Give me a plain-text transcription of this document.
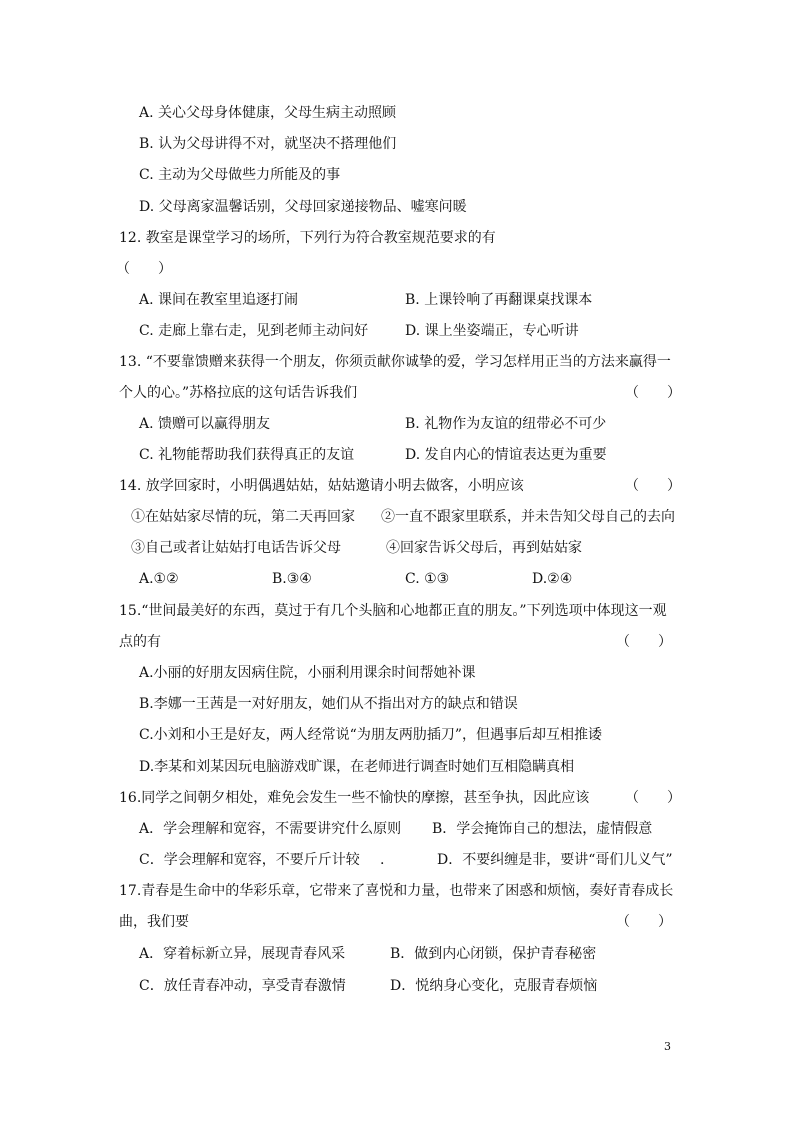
A. 关心父母身体健康，父母生病主动照顾
B. 认为父母讲得不对，就坚决不搭理他们
C. 主动为父母做些力所能及的事
D. 父母离家温馨话别，父母回家递接物品、嘘寒问暖
12. 教室是课堂学习的场所，下列行为符合教室规范要求的有
（　　）
A. 课间在教室里追逐打闹	B. 上课铃响了再翻课桌找课本
C. 走廊上靠右走，见到老师主动问好	D. 课上坐姿端正，专心听讲
13. “不要靠馈赠来获得一个朋友，你须贡献你诚挚的爱，学习怎样用正当的方法来赢得一
个人的心。”苏格拉底的这句话告诉我们	（　　）
A. 馈赠可以赢得朋友	B. 礼物作为友谊的纽带必不可少
C. 礼物能帮助我们获得真正的友谊	D. 发自内心的情谊表达更为重要
14. 放学回家时，小明偶遇姑姑，姑姑邀请小明去做客，小明应该	（　　）
①在姑姑家尽情的玩，第二天再回家 ②一直不跟家里联系，并未告知父母自己的去向
③自己或者让姑姑打电话告诉父母	④回家告诉父母后，再到姑姑家
A.①②	B.③④	C. ①③	D.②④
15.“世间最美好的东西，莫过于有几个头脑和心地都正直的朋友。”下列选项中体现这一观
点的有	（　　）
A.小丽的好朋友因病住院，小丽利用课余时间帮她补课
B.李娜一王茜是一对好朋友，她们从不指出对方的缺点和错误
C.小刘和小王是好友，两人经常说“为朋友两肋插刀”，但遇事后却互相推诿
D.李某和刘某因玩电脑游戏旷课，在老师进行调查时她们互相隐瞒真相
16.同学之间朝夕相处，难免会发生一些不愉快的摩擦，甚至争执，因此应该	（　　）
A．学会理解和宽容，不需要讲究什么原则 B．学会掩饰自己的想法，虚情假意
C．学会理解和宽容，不要斤斤计较 .	D．不要纠缠是非，要讲“哥们儿义气”
17.青春是生命中的华彩乐章，它带来了喜悦和力量，也带来了困惑和烦恼，奏好青春成长
曲，我们要	（　　）
A．穿着标新立异，展现青春风采	B．做到内心闭锁，保护青春秘密
C．放任青春冲动，享受青春激情	D．悦纳身心变化，克服青春烦恼
3
